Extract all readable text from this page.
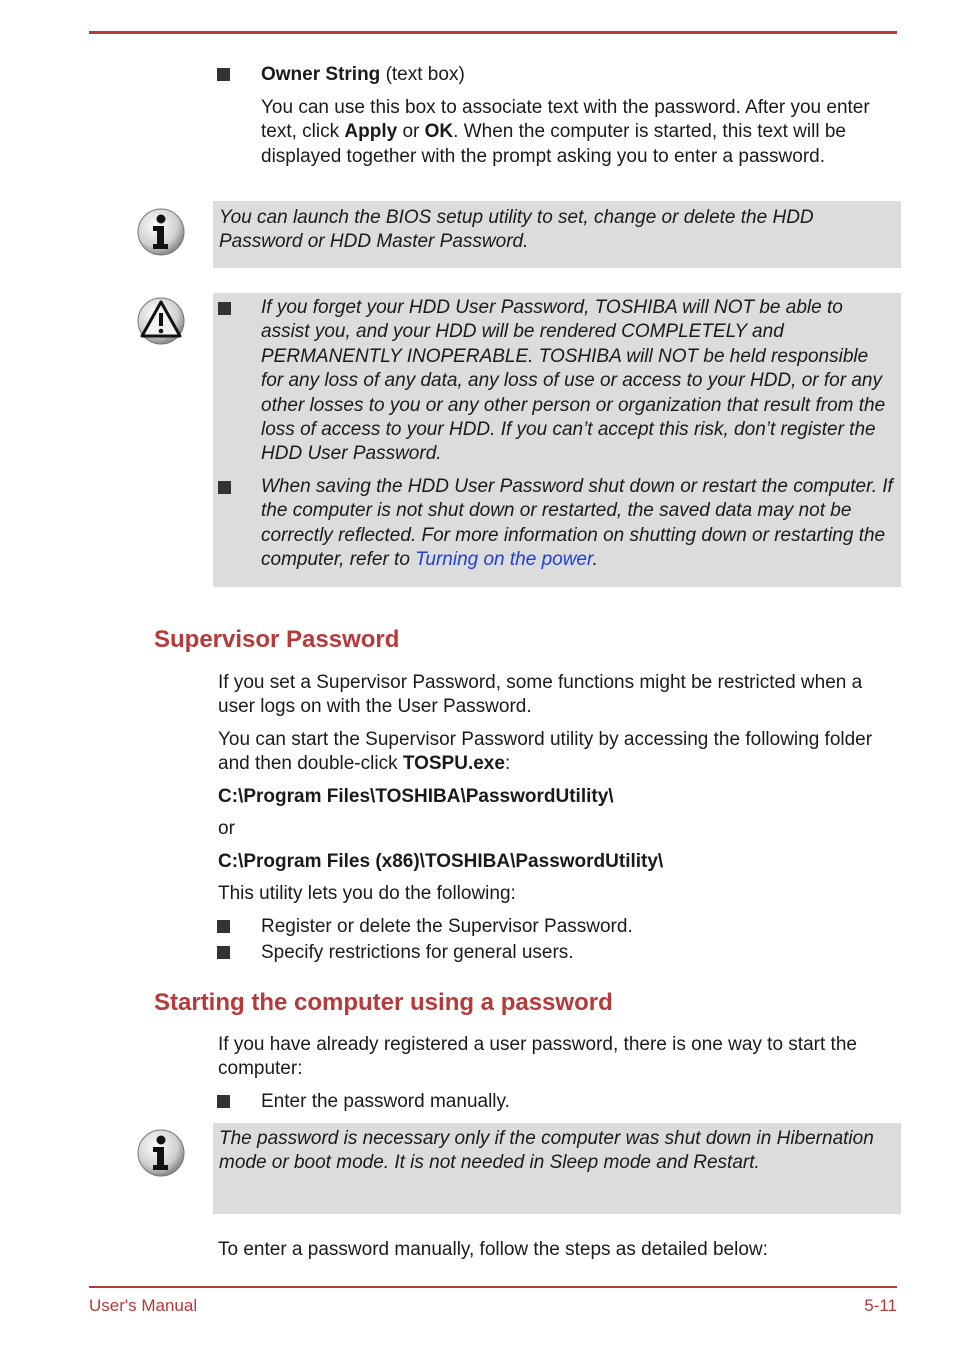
Owner String (text box)

You can use this box to associate text with the password. After you enter text, click Apply or OK. When the computer is started, this text will be displayed together with the prompt asking you to enter a password.

You can launch the BIOS setup utility to set, change or delete the HDD Password or HDD Master Password.

If you forget your HDD User Password, TOSHIBA will NOT be able to assist you, and your HDD will be rendered COMPLETELY and PERMANENTLY INOPERABLE. TOSHIBA will NOT be held responsible for any loss of any data, any loss of use or access to your HDD, or for any other losses to you or any other person or organization that result from the loss of access to your HDD. If you can’t accept this risk, don’t register the HDD User Password.

When saving the HDD User Password shut down or restart the computer. If the computer is not shut down or restarted, the saved data may not be correctly reflected. For more information on shutting down or restarting the computer, refer to Turning on the power.

Supervisor Password

If you set a Supervisor Password, some functions might be restricted when a user logs on with the User Password.

You can start the Supervisor Password utility by accessing the following folder and then double-click TOSPU.exe:

C:\Program Files\TOSHIBA\PasswordUtility\

or

C:\Program Files (x86)\TOSHIBA\PasswordUtility\

This utility lets you do the following:

Register or delete the Supervisor Password.

Specify restrictions for general users.

Starting the computer using a password

If you have already registered a user password, there is one way to start the computer:

Enter the password manually.

The password is necessary only if the computer was shut down in Hibernation mode or boot mode. It is not needed in Sleep mode and Restart.

To enter a password manually, follow the steps as detailed below:

User's Manual	5-11
